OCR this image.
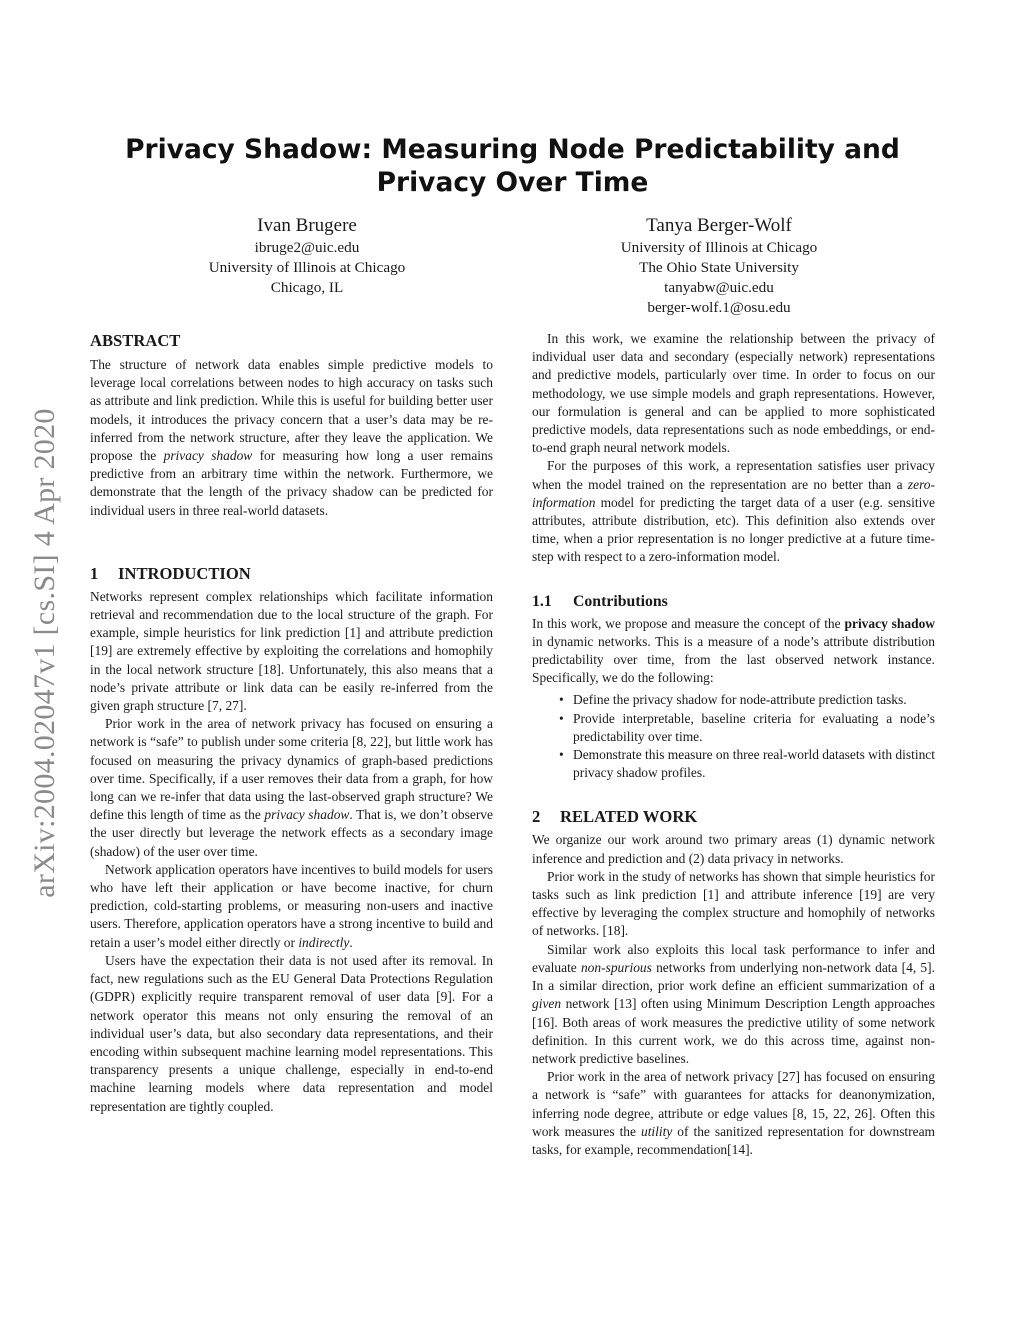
arXiv:2004.02047v1 [cs.SI] 4 Apr 2020
Privacy Shadow: Measuring Node Predictability and Privacy Over Time
Ivan Brugere
ibruge2@uic.edu
University of Illinois at Chicago
Chicago, IL
Tanya Berger-Wolf
University of Illinois at Chicago
The Ohio State University
tanyabw@uic.edu
berger-wolf.1@osu.edu
ABSTRACT

The structure of network data enables simple predictive models to leverage local correlations between nodes to high accuracy on tasks such as attribute and link prediction. While this is useful for building better user models, it introduces the privacy concern that a user’s data may be re-inferred from the network structure, after they leave the application. We propose the privacy shadow for measuring how long a user remains predictive from an arbitrary time within the network. Furthermore, we demonstrate that the length of the privacy shadow can be predicted for individual users in three real-world datasets.

1 INTRODUCTION

Networks represent complex relationships which facilitate information retrieval and recommendation due to the local structure of the graph. For example, simple heuristics for link prediction [1] and attribute prediction [19] are extremely effective by exploiting the correlations and homophily in the local network structure [18]. Unfortunately, this also means that a node’s private attribute or link data can be easily re-inferred from the given graph structure [7, 27].

Prior work in the area of network privacy has focused on ensuring a network is “safe” to publish under some criteria [8, 22], but little work has focused on measuring the privacy dynamics of graph-based predictions over time. Specifically, if a user removes their data from a graph, for how long can we re-infer that data using the last-observed graph structure? We define this length of time as the privacy shadow. That is, we don’t observe the user directly but leverage the network effects as a secondary image (shadow) of the user over time.

Network application operators have incentives to build models for users who have left their application or have become inactive, for churn prediction, cold-starting problems, or measuring non-users and inactive users. Therefore, application operators have a strong incentive to build and retain a user’s model either directly or indirectly.

Users have the expectation their data is not used after its removal. In fact, new regulations such as the EU General Data Protections Regulation (GDPR) explicitly require transparent removal of user data [9]. For a network operator this means not only ensuring the removal of an individual user’s data, but also secondary data representations, and their encoding within subsequent machine learning model representations. This transparency presents a unique challenge, especially in end-to-end machine learning models where data representation and model representation are tightly coupled.

In this work, we examine the relationship between the privacy of individual user data and secondary (especially network) representations and predictive models, particularly over time. In order to focus on our methodology, we use simple models and graph representations. However, our formulation is general and can be applied to more sophisticated predictive models, data representations such as node embeddings, or end-to-end graph neural network models.

For the purposes of this work, a representation satisfies user privacy when the model trained on the representation are no better than a zero-information model for predicting the target data of a user (e.g. sensitive attributes, attribute distribution, etc). This definition also extends over time, when a prior representation is no longer predictive at a future time-step with respect to a zero-information model.

1.1 Contributions

In this work, we propose and measure the concept of the privacy shadow in dynamic networks. This is a measure of a node’s attribute distribution predictability over time, from the last observed network instance. Specifically, we do the following:

• Define the privacy shadow for node-attribute prediction tasks.
• Provide interpretable, baseline criteria for evaluating a node’s predictability over time.
• Demonstrate this measure on three real-world datasets with distinct privacy shadow profiles.
2 RELATED WORK

We organize our work around two primary areas (1) dynamic network inference and prediction and (2) data privacy in networks.

Prior work in the study of networks has shown that simple heuristics for tasks such as link prediction [1] and attribute inference [19] are very effective by leveraging the complex structure and homophily of networks of networks. [18].

Similar work also exploits this local task performance to infer and evaluate non-spurious networks from underlying non-network data [4, 5]. In a similar direction, prior work define an efficient summarization of a given network [13] often using Minimum Description Length approaches [16]. Both areas of work measures the predictive utility of some network definition. In this current work, we do this across time, against non-network predictive baselines.

Prior work in the area of network privacy [27] has focused on ensuring a network is “safe” with guarantees for attacks for deanonymization, inferring node degree, attribute or edge values [8, 15, 22, 26]. Often this work measures the utility of the sanitized representation for downstream tasks, for example, recommendation[14].
